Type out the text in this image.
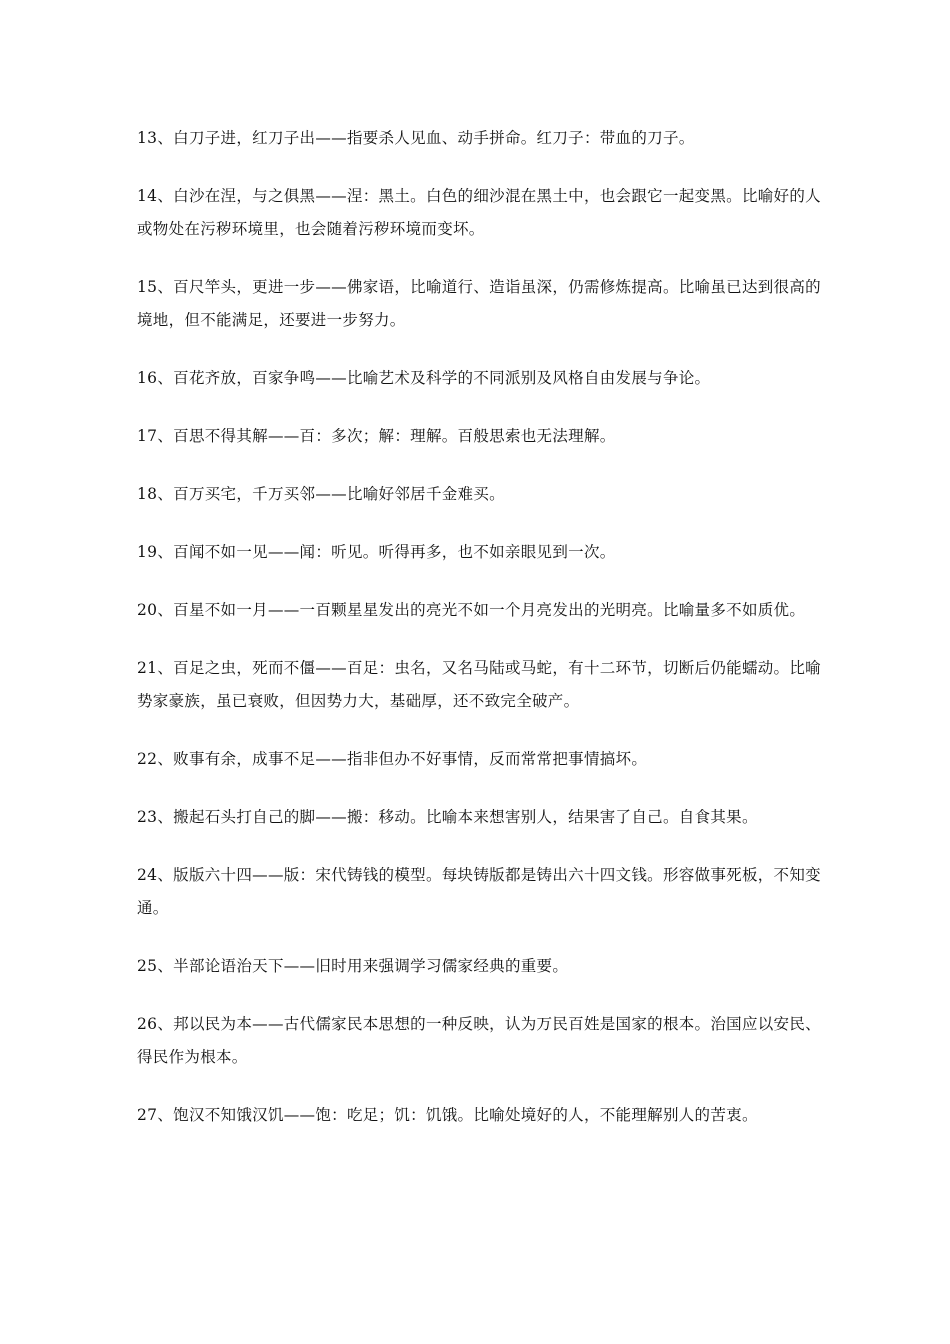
13、白刀子进，红刀子出——指要杀人见血、动手拼命。红刀子：带血的刀子。

14、白沙在涅，与之俱黑——涅：黑土。白色的细沙混在黑土中，也会跟它一起变黑。比喻好的人或物处在污秽环境里，也会随着污秽环境而变坏。

15、百尺竿头，更进一步——佛家语，比喻道行、造诣虽深，仍需修炼提高。比喻虽已达到很高的境地，但不能满足，还要进一步努力。

16、百花齐放，百家争鸣——比喻艺术及科学的不同派别及风格自由发展与争论。

17、百思不得其解——百：多次；解：理解。百般思索也无法理解。

18、百万买宅，千万买邻——比喻好邻居千金难买。

19、百闻不如一见——闻：听见。听得再多，也不如亲眼见到一次。

20、百星不如一月——一百颗星星发出的亮光不如一个月亮发出的光明亮。比喻量多不如质优。

21、百足之虫，死而不僵——百足：虫名，又名马陆或马蛇，有十二环节，切断后仍能蠕动。比喻势家豪族，虽已衰败，但因势力大，基础厚，还不致完全破产。

22、败事有余，成事不足——指非但办不好事情，反而常常把事情搞坏。

23、搬起石头打自己的脚——搬：移动。比喻本来想害别人，结果害了自己。自食其果。

24、版版六十四——版：宋代铸钱的模型。每块铸版都是铸出六十四文钱。形容做事死板，不知变通。

25、半部论语治天下——旧时用来强调学习儒家经典的重要。

26、邦以民为本——古代儒家民本思想的一种反映，认为万民百姓是国家的根本。治国应以安民、得民作为根本。

27、饱汉不知饿汉饥——饱：吃足；饥：饥饿。比喻处境好的人，不能理解别人的苦衷。
